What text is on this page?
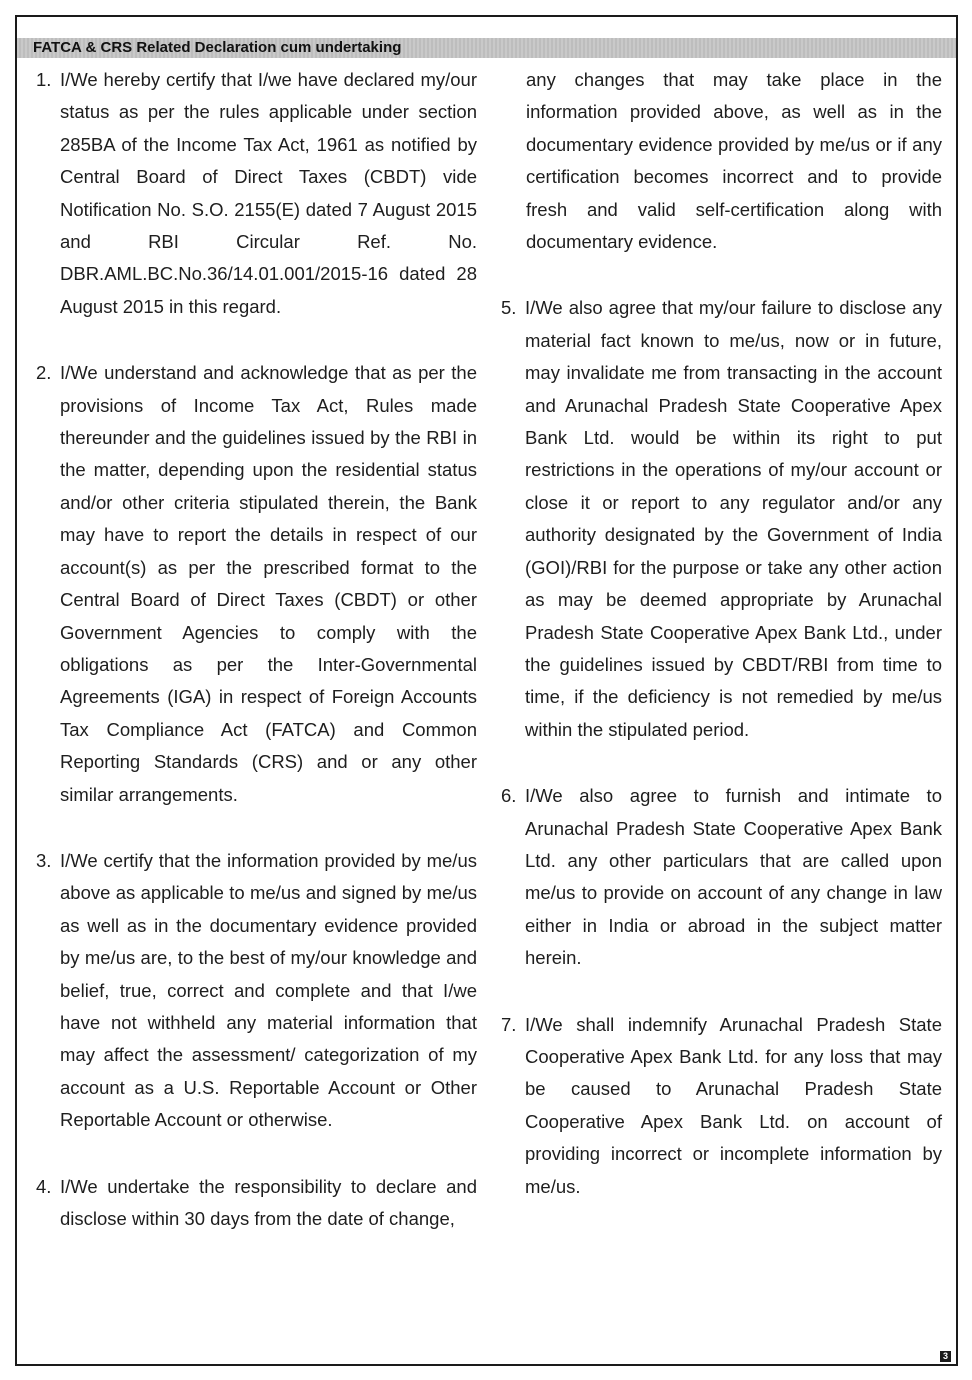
FATCA & CRS Related Declaration cum undertaking
1. I/We hereby certify that I/we have declared my/our status as per the rules applicable under section 285BA of the Income Tax Act, 1961 as notified by Central Board of Direct Taxes (CBDT) vide Notification No. S.O. 2155(E) dated 7 August 2015 and RBI Circular Ref. No. DBR.AML.BC.No.36/14.01.001/2015-16 dated 28 August 2015 in this regard.
2. I/We understand and acknowledge that as per the provisions of Income Tax Act, Rules made thereunder and the guidelines issued by the RBI in the matter, depending upon the residential status and/or other criteria stipulated therein, the Bank may have to report the details in respect of our account(s) as per the prescribed format to the Central Board of Direct Taxes (CBDT) or other Government Agencies to comply with the obligations as per the Inter-Governmental Agreements (IGA) in respect of Foreign Accounts Tax Compliance Act (FATCA) and Common Reporting Standards (CRS) and or any other similar arrangements.
3. I/We certify that the information provided by me/us above as applicable to me/us and signed by me/us as well as in the documentary evidence provided by me/us are, to the best of my/our knowledge and belief, true, correct and complete and that I/we have not withheld any material information that may affect the assessment/ categorization of my account as a U.S. Reportable Account or Other Reportable Account or otherwise.
4. I/We undertake the responsibility to declare and disclose within 30 days from the date of change,
any changes that may take place in the information provided above, as well as in the documentary evidence provided by me/us or if any certification becomes incorrect and to provide fresh and valid self-certification along with documentary evidence.
5. I/We also agree that my/our failure to disclose any material fact known to me/us, now or in future, may invalidate me from transacting in the account and Arunachal Pradesh State Cooperative Apex Bank Ltd. would be within its right to put restrictions in the operations of my/our account or close it or report to any regulator and/or any authority designated by the Government of India (GOI)/RBI for the purpose or take any other action as may be deemed appropriate by Arunachal Pradesh State Cooperative Apex Bank Ltd., under the guidelines issued by CBDT/RBI from time to time, if the deficiency is not remedied by me/us within the stipulated period.
6. I/We also agree to furnish and intimate to Arunachal Pradesh State Cooperative Apex Bank Ltd. any other particulars that are called upon me/us to provide on account of any change in law either in India or abroad in the subject matter herein.
7. I/We shall indemnify Arunachal Pradesh State Cooperative Apex Bank Ltd. for any loss that may be caused to Arunachal Pradesh State Cooperative Apex Bank Ltd. on account of providing incorrect or incomplete information by me/us.
3
